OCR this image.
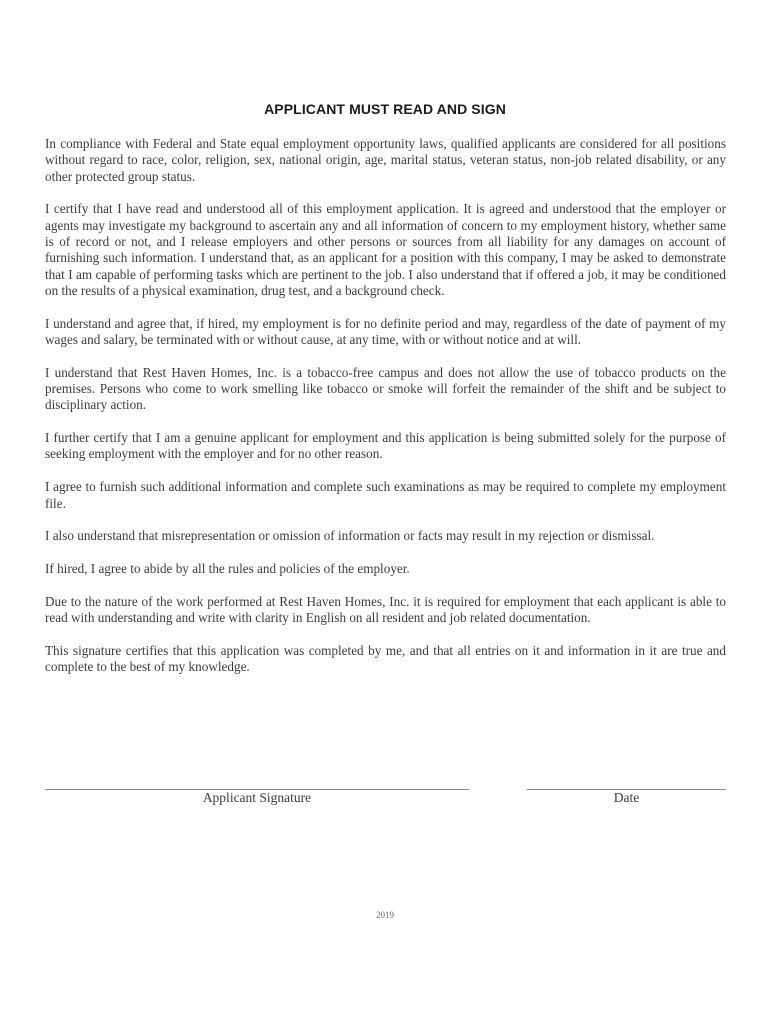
APPLICANT MUST READ AND SIGN

In compliance with Federal and State equal employment opportunity laws, qualified applicants are considered for all positions without regard to race, color, religion, sex, national origin, age, marital status, veteran status, non-job related disability, or any other protected group status.

I certify that I have read and understood all of this employment application. It is agreed and understood that the employer or agents may investigate my background to ascertain any and all information of concern to my employment history, whether same is of record or not, and I release employers and other persons or sources from all liability for any damages on account of furnishing such information. I understand that, as an applicant for a position with this company, I may be asked to demonstrate that I am capable of performing tasks which are pertinent to the job. I also understand that if offered a job, it may be conditioned on the results of a physical examination, drug test, and a background check.

I understand and agree that, if hired, my employment is for no definite period and may, regardless of the date of payment of my wages and salary, be terminated with or without cause, at any time, with or without notice and at will.

I understand that Rest Haven Homes, Inc. is a tobacco-free campus and does not allow the use of tobacco products on the premises. Persons who come to work smelling like tobacco or smoke will forfeit the remainder of the shift and be subject to disciplinary action.

I further certify that I am a genuine applicant for employment and this application is being submitted solely for the purpose of seeking employment with the employer and for no other reason.

I agree to furnish such additional information and complete such examinations as may be required to complete my employment file.

I also understand that misrepresentation or omission of information or facts may result in my rejection or dismissal.

If hired, I agree to abide by all the rules and policies of the employer.

Due to the nature of the work performed at Rest Haven Homes, Inc. it is required for employment that each applicant is able to read with understanding and write with clarity in English on all resident and job related documentation.

This signature certifies that this application was completed by me, and that all entries on it and information in it are true and complete to the best of my knowledge.

Applicant Signature	Date
2019
